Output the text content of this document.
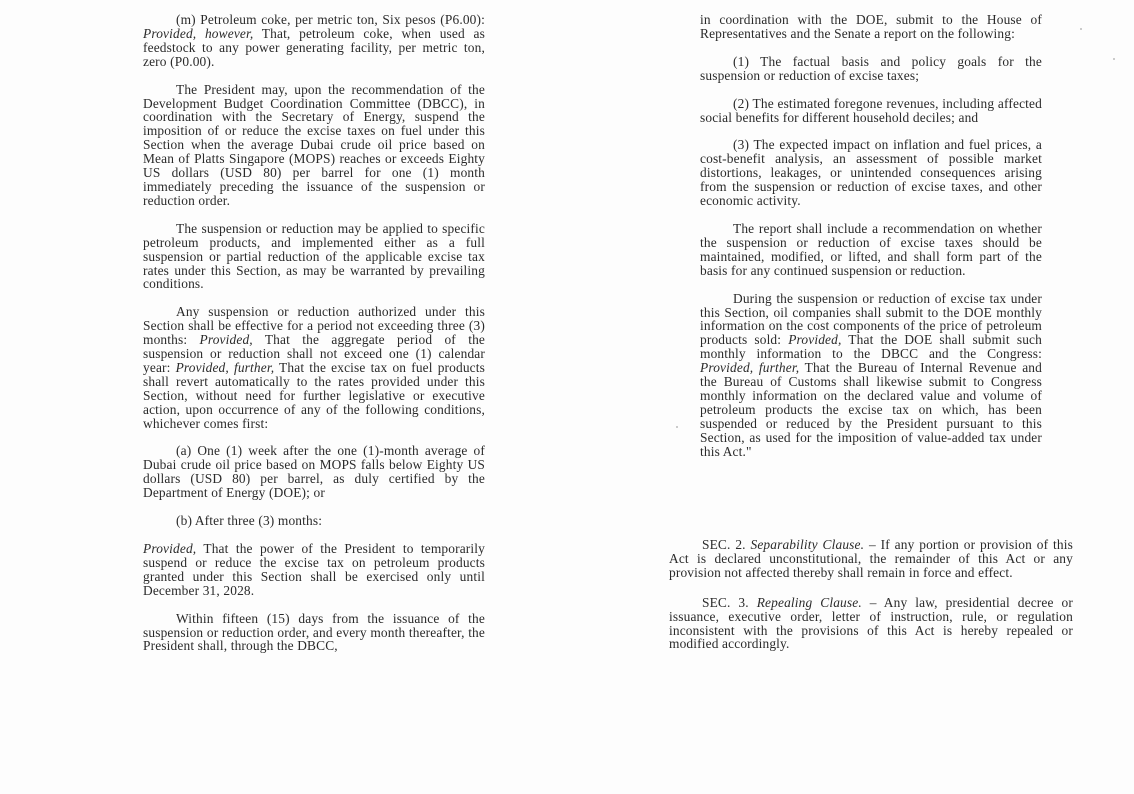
(m) Petroleum coke, per metric ton, Six pesos (P6.00): Provided, however, That, petroleum coke, when used as feedstock to any power generating facility, per metric ton, zero (P0.00).

The President may, upon the recommendation of the Development Budget Coordination Committee (DBCC), in coordination with the Secretary of Energy, suspend the imposition of or reduce the excise taxes on fuel under this Section when the average Dubai crude oil price based on Mean of Platts Singapore (MOPS) reaches or exceeds Eighty US dollars (USD 80) per barrel for one (1) month immediately preceding the issuance of the suspension or reduction order.

The suspension or reduction may be applied to specific petroleum products, and implemented either as a full suspension or partial reduction of the applicable excise tax rates under this Section, as may be warranted by prevailing conditions.

Any suspension or reduction authorized under this Section shall be effective for a period not exceeding three (3) months: Provided, That the aggregate period of the suspension or reduction shall not exceed one (1) calendar year: Provided, further, That the excise tax on fuel products shall revert automatically to the rates provided under this Section, without need for further legislative or executive action, upon occurrence of any of the following conditions, whichever comes first:

(a) One (1) week after the one (1)-month average of Dubai crude oil price based on MOPS falls below Eighty US dollars (USD 80) per barrel, as duly certified by the Department of Energy (DOE); or

(b) After three (3) months:

Provided, That the power of the President to temporarily suspend or reduce the excise tax on petroleum products granted under this Section shall be exercised only until December 31, 2028.

Within fifteen (15) days from the issuance of the suspension or reduction order, and every month thereafter, the President shall, through the DBCC,

in coordination with the DOE, submit to the House of Representatives and the Senate a report on the following:

(1) The factual basis and policy goals for the suspension or reduction of excise taxes;

(2) The estimated foregone revenues, including affected social benefits for different household deciles; and

(3) The expected impact on inflation and fuel prices, a cost-benefit analysis, an assessment of possible market distortions, leakages, or unintended consequences arising from the suspension or reduction of excise taxes, and other economic activity.

The report shall include a recommendation on whether the suspension or reduction of excise taxes should be maintained, modified, or lifted, and shall form part of the basis for any continued suspension or reduction.

During the suspension or reduction of excise tax under this Section, oil companies shall submit to the DOE monthly information on the cost components of the price of petroleum products sold: Provided, That the DOE shall submit such monthly information to the DBCC and the Congress: Provided, further, That the Bureau of Internal Revenue and the Bureau of Customs shall likewise submit to Congress monthly information on the declared value and volume of petroleum products the excise tax on which, has been suspended or reduced by the President pursuant to this Section, as used for the imposition of value-added tax under this Act."

SEC. 2. Separability Clause. – If any portion or provision of this Act is declared unconstitutional, the remainder of this Act or any provision not affected thereby shall remain in force and effect.

SEC. 3. Repealing Clause. – Any law, presidential decree or issuance, executive order, letter of instruction, rule, or regulation inconsistent with the provisions of this Act is hereby repealed or modified accordingly.
